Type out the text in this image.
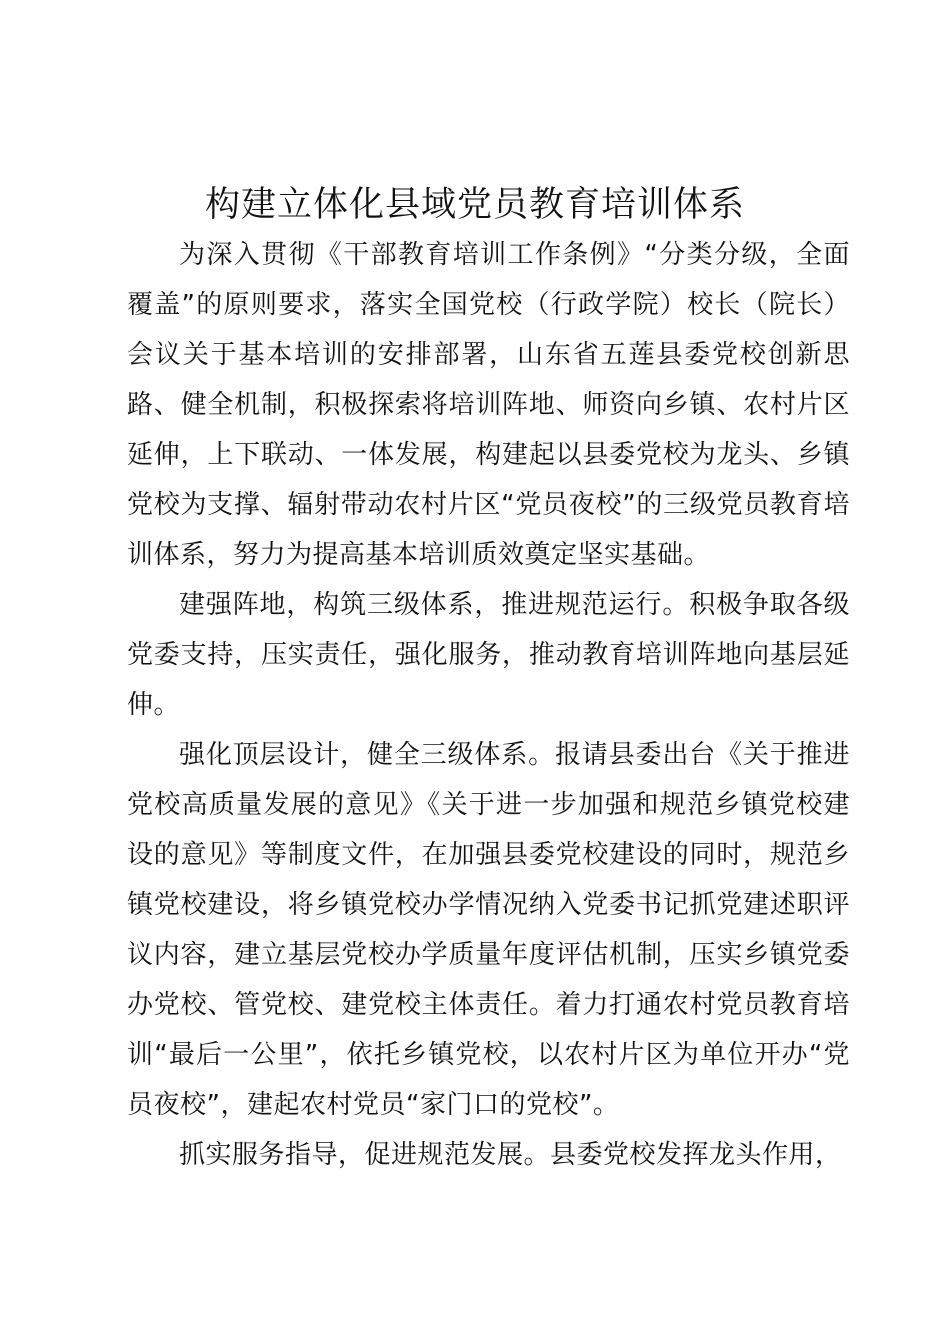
构建立体化县域党员教育培训体系

为深入贯彻《干部教育培训工作条例》“分类分级，全面覆盖”的原则要求，落实全国党校（行政学院）校长（院长）会议关于基本培训的安排部署，山东省五莲县委党校创新思路、健全机制，积极探索将培训阵地、师资向乡镇、农村片区延伸，上下联动、一体发展，构建起以县委党校为龙头、乡镇党校为支撑、辐射带动农村片区“党员夜校”的三级党员教育培训体系，努力为提高基本培训质效奠定坚实基础。

建强阵地，构筑三级体系，推进规范运行。积极争取各级党委支持，压实责任，强化服务，推动教育培训阵地向基层延伸。

强化顶层设计，健全三级体系。报请县委出台《关于推进党校高质量发展的意见》《关于进一步加强和规范乡镇党校建设的意见》等制度文件，在加强县委党校建设的同时，规范乡镇党校建设，将乡镇党校办学情况纳入党委书记抓党建述职评议内容，建立基层党校办学质量年度评估机制，压实乡镇党委办党校、管党校、建党校主体责任。着力打通农村党员教育培训“最后一公里”，依托乡镇党校，以农村片区为单位开办“党员夜校”，建起农村党员“家门口的党校”。

抓实服务指导，促进规范发展。县委党校发挥龙头作用，
